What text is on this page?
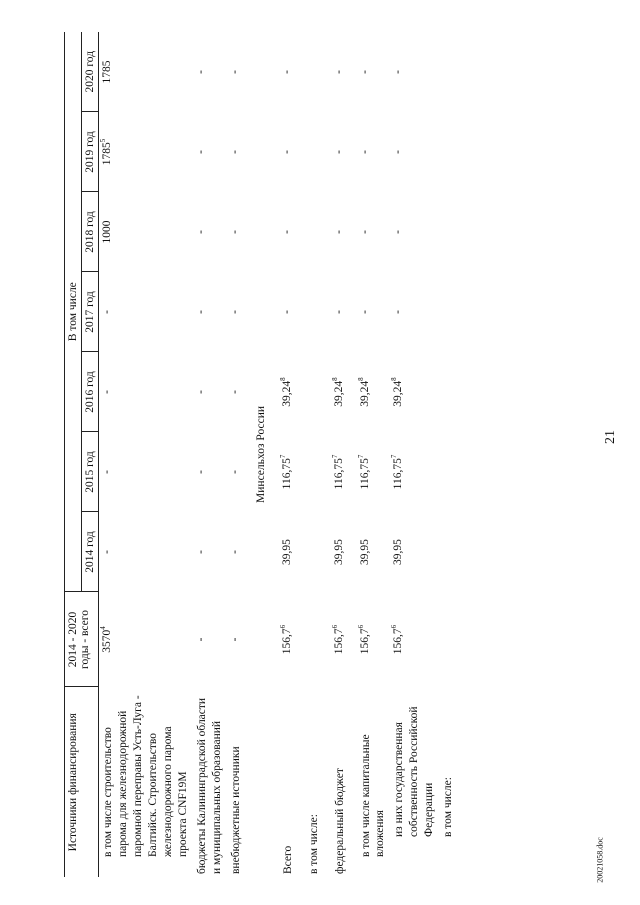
21
20021058.doc
Источники финансирования	2014 - 2020
годы - всего	В том числе						
		2014 год	2015 год	2016 год	2017 год	2018 год	2019 год	2020 год
в том числе строительство парома для железнодорожной паромной переправы Усть-Луга - Балтийск. Строительство железнодорожного парома проекта CNF19M	3570$^4$	-	-	-	-	1000	1785$^5$	1785
бюджеты Калининградской области и муниципальных образований	-	-	-	-	-	-	-	-
внебюджетные источники	-	-	-	-	-	-	-	-
Минсельхоз России								
Всего	156,7$^6$	39,95	116,75$^7$	39,24$^8$	-	-	-	-
в том числе:								
федеральный бюджет	156,7$^6$	39,95	116,75$^7$	39,24$^8$	-	-	-	-
в том числе капитальные вложения	156,7$^6$	39,95	116,75$^7$	39,24$^8$	-	-	-	-
из них государственная собственность Российской Федерации	156,7$^6$	39,95	116,75$^7$	39,24$^8$	-	-	-	-
в том числе:								
